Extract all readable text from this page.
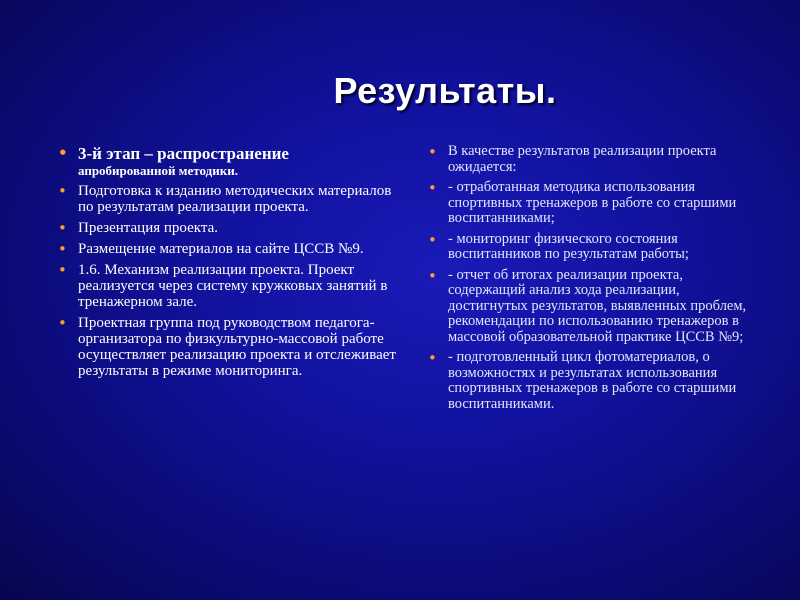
Результаты.
• 3-й этап – распространение
апробированной методики.
• Подготовка к изданию методических материалов по результатам реализации проекта.
• Презентация проекта.
• Размещение материалов на сайте ЦССВ №9.
• 1.6. Механизм реализации проекта. Проект реализуется через систему кружковых занятий в тренажерном зале.
• Проектная группа под руководством педагога-организатора по физкультурно-массовой работе осуществляет реализацию проекта и отслеживает результаты в режиме мониторинга.
• В качестве результатов реализации проекта ожидается:
• - отработанная методика использования спортивных тренажеров в работе со старшими воспитанниками;
• - мониторинг физического состояния воспитанников по результатам работы;
• - отчет об итогах реализации проекта, содержащий анализ хода реализации, достигнутых результатов, выявленных проблем, рекомендации по использованию тренажеров в массовой образовательной практике ЦССВ №9;
• - подготовленный цикл фотоматериалов, о возможностях и результатах использования спортивных тренажеров в работе со старшими воспитанниками.
